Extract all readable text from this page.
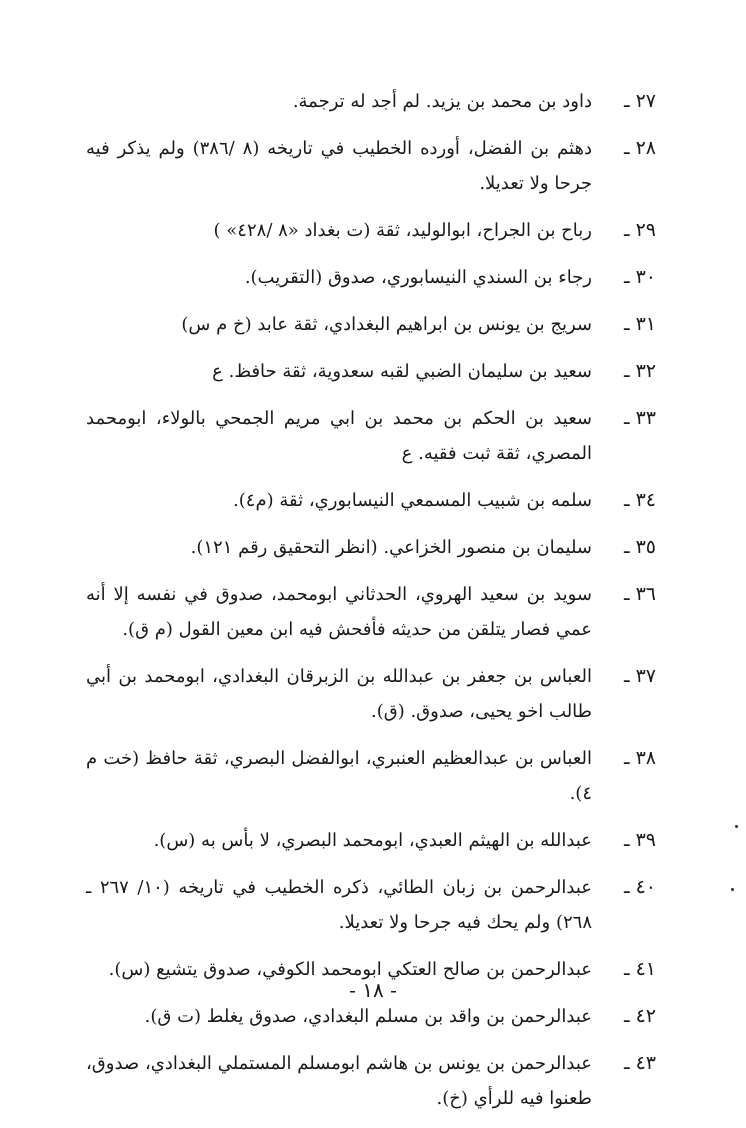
٢٧ ـ
داود بن محمد بن يزيد. لم أجد له ترجمة.
٢٨ ـ
دهثم بن الفضل، أورده الخطيب في تاريخه (٨ /٣٨٦) ولم يذكر فيه جرحا ولا تعديلا.
٢٩ ـ
رباح بن الجراح، ابوالوليد، ثقة (ت بغداد «٨ /٤٢٨» )
٣٠ ـ
رجاء بن السندي النيسابوري، صدوق (التقريب).
٣١ ـ
سريج بن يونس بن ابراهيم البغدادي، ثقة عابد (خ م س)
٣٢ ـ
سعيد بن سليمان الضبي لقبه سعدوية، ثقة حافظ. ع
٣٣ ـ
سعيد بن الحكم بن محمد بن ابي مريم الجمحي بالولاء، ابومحمد المصري، ثقة ثبت فقيه. ع
٣٤ ـ
سلمه بن شبيب المسمعي النيسابوري، ثقة (م٤).
٣٥ ـ
سليمان بن منصور الخزاعي. (انظر التحقيق رقم ١٢١).
٣٦ ـ
سويد بن سعيد الهروي، الحدثاني ابومحمد، صدوق في نفسه إلا أنه عمي فصار يتلقن من حديثه فأفحش فيه ابن معين القول (م ق).
٣٧ ـ
العباس بن جعفر بن عبدالله بن الزبرقان البغدادي، ابومحمد بن أبي طالب اخو يحيى، صدوق. (ق).
٣٨ ـ
العباس بن عبدالعظيم العنبري، ابوالفضل البصري، ثقة حافظ (خت م ٤).
٣٩ ـ
عبدالله بن الهيثم العبدي، ابومحمد البصري، لا بأس به (س).
٤٠ ـ
عبدالرحمن بن زبان الطائي، ذكره الخطيب في تاريخه (١٠/ ٢٦٧ ـ ٢٦٨) ولم يحك فيه جرحا ولا تعديلا.
٤١ ـ
عبدالرحمن بن صالح العتكي ابومحمد الكوفي، صدوق يتشيع (س).
٤٢ ـ
عبدالرحمن بن واقد بن مسلم البغدادي، صدوق يغلط (ت ق).
٤٣ ـ
عبدالرحمن بن يونس بن هاشم ابومسلم المستملي البغدادي، صدوق، طعنوا فيه للرأي (خ).
- ١٨ -
